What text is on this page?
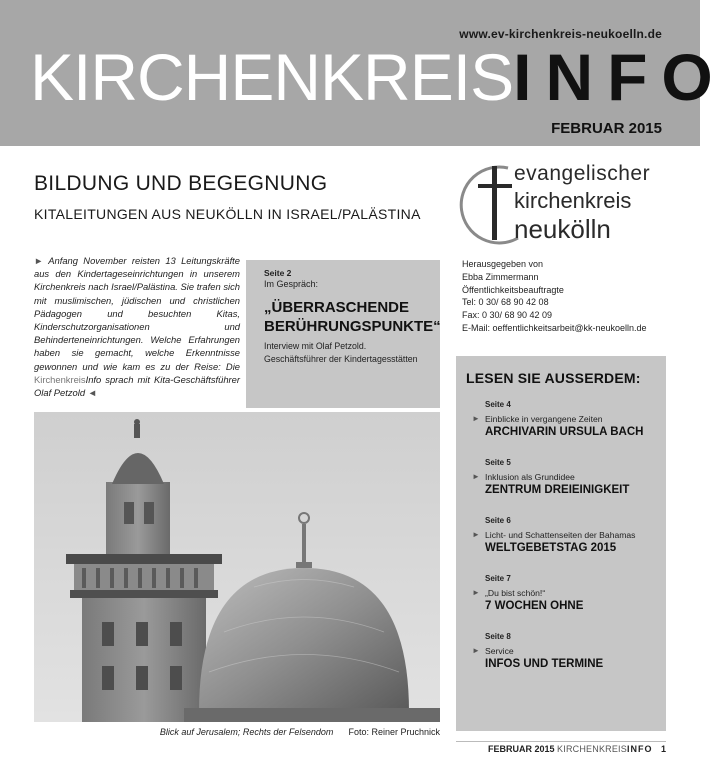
www.ev-kirchenkreis-neukoelln.de
KIRCHENKREISINFO
FEBRUAR 2015
BILDUNG UND BEGEGNUNG
KITALEITUNGEN AUS NEUKÖLLN IN ISRAEL/PALÄSTINA
evangelischer
kirchenkreis
neukölln
► Anfang November reisten 13 Leitungskräfte aus den Kindertageseinrichtungen in unserem Kirchenkreis nach Israel/Palästina. Sie trafen sich mit muslimischen, jüdischen und christlichen Pädagogen und besuchten Kitas, Kinderschutzorganisationen und Behinderteneinrichtungen. Welche Erfahrungen haben sie gemacht, welche Erkenntnisse gewonnen und wie kam es zu der Reise: Die KirchenkreisInfo sprach mit Kita-Geschäftsführer Olaf Petzold ◄
Seite 2
Im Gespräch:
„ÜBERRASCHENDE BERÜHRUNGSPUNKTE“
Interview mit Olaf Petzold.
Geschäftsführer der Kindertagesstätten
Herausgegeben von
Ebba Zimmermann
Öffentlichkeitsbeauftragte
Tel: 0 30/ 68 90 42 08
Fax: 0 30/ 68 90 42 09
E-Mail: oeffentlichkeitsarbeit@kk-neukoelln.de
Blick auf Jerusalem; Rechts der Felsendom Foto: Reiner Pruchnick
LESEN SIE AUSSERDEM:
Seite 4
► Einblicke in vergangene Zeiten
ARCHIVARIN URSULA BACH
Seite 5
► Inklusion als Grundidee
ZENTRUM DREIEINIGKEIT
Seite 6
► Licht- und Schattenseiten der Bahamas
WELTGEBETSTAG 2015
Seite 7
► „Du bist schön!“
7 WOCHEN OHNE
Seite 8
► Service
INFOS UND TERMINE
FEBRUAR 2015 KIRCHENKREISINFO 1
